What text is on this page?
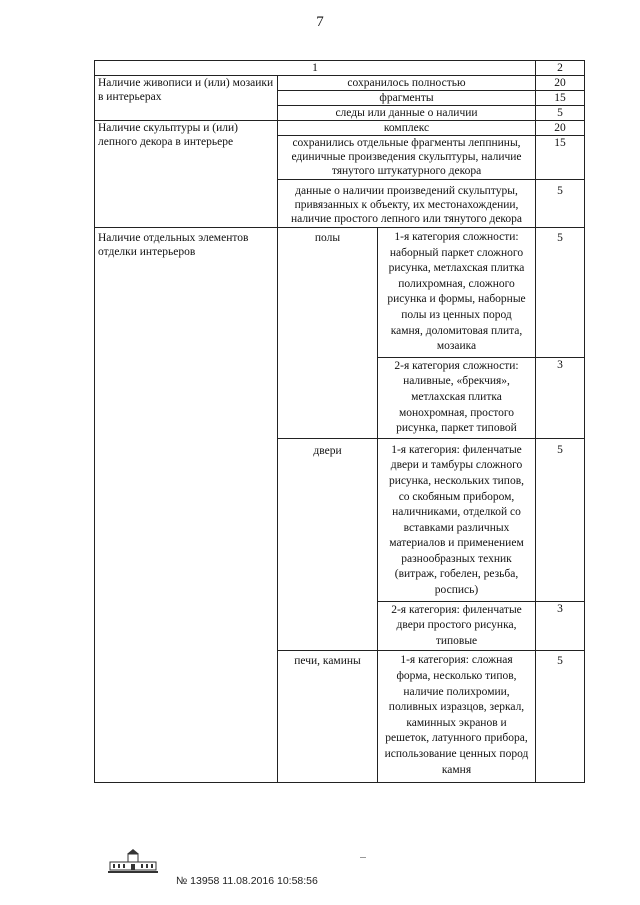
7
1			2
Наличие живописи и (или) мозаики в интерьерах	сохранилось полностью		20
	фрагменты		15
	следы или данные о наличии		5
Наличие скульптуры и (или) лепного декора в интерьере	комплекс		20
	сохранились отдельные фрагменты леппнины, единичные произведения скульптуры, наличие тянутого штукатурного декора		15
	данные о наличии произведений скульптуры, привязанных к объекту, их местонахождении, наличие простого лепного или тянутого декора		5
Наличие отдельных элементов отделки интерьеров	полы	1-я категория сложности: наборный паркет сложного рисунка, метлахская плитка полихромная, сложного рисунка и формы, наборные полы из ценных пород камня, доломитовая плита, мозаика	5
		2-я категория сложности: наливные, «брекчия», метлахская плитка монохромная, простого рисунка, паркет типовой	3
	двери	1-я категория: филенчатые двери и тамбуры сложного рисунка, нескольких типов, со скобяным прибором, наличниками, отделкой со вставками различных материалов и применением разнообразных техник (витраж, гобелен, резьба, роспись)	5
		2-я категория: филенчатые двери простого рисунка, типовые	3
	печи, камины	1-я категория: сложная форма, несколько типов, наличие полихромии, поливных изразцов, зеркал, каминных экранов и решеток, латунного прибора, использование ценных пород камня	5
№ 13958 11.08.2016 10:58:56
